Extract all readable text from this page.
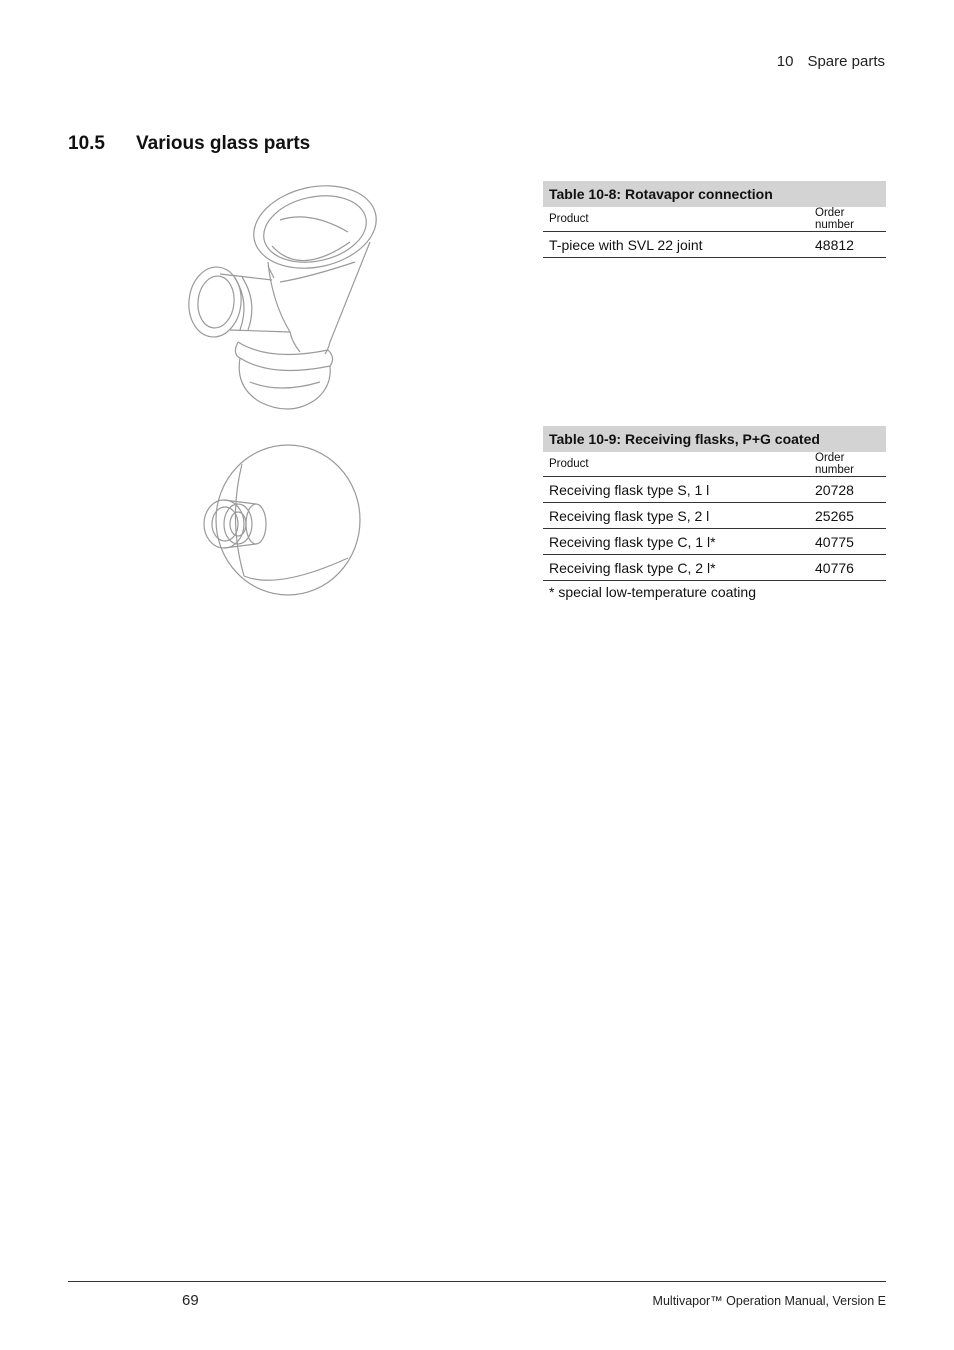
10 Spare parts
10.5 Various glass parts
Table 10-8: Rotavapor connection	
Product	Order number
T-piece with SVL 22 joint	48812
Table 10-9: Receiving flasks, P+G coated	
Product	Order number
Receiving flask type S, 1 l	20728
Receiving flask type S, 2 l	25265
Receiving flask type C, 1 l*	40775
Receiving flask type C, 2 l*	40776
* special low-temperature coating
69	Multivapor™ Operation Manual, Version E
